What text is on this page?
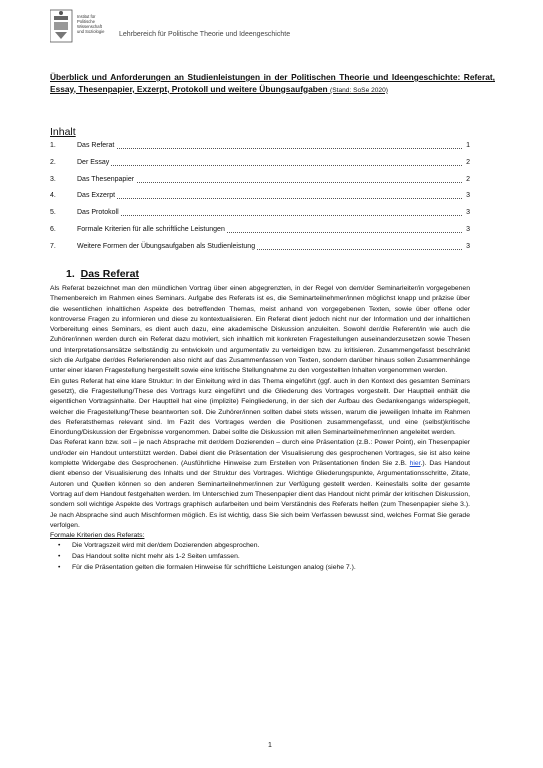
Institut für
Politische
Wissenschaft
und Soziologie Lehrbereich für Politische Theorie und Ideengeschichte
Überblick und Anforderungen an Studienleistungen in der Politischen Theorie und Ideengeschichte: Referat, Essay, Thesenpapier, Exzerpt, Protokoll und weitere Übungsaufgaben (Stand: SoSe 2020)
Inhalt
1.	Das Referat	1
2.	Der Essay	2
3.	Das Thesenpapier	2
4.	Das Exzerpt	3
5.	Das Protokoll	3
6.	Formale Kriterien für alle schriftliche Leistungen	3
7.	Weitere Formen der Übungsaufgaben als Studienleistung	3
1. Das Referat

Als Referat bezeichnet man den mündlichen Vortrag über einen abgegrenzten, in der Regel von dem/der Seminarleiter/in vorgegebenen Themenbereich im Rahmen eines Seminars. Aufgabe des Referats ist es, die Seminarteilnehmer/innen möglichst knapp und präzise über die wesentlichen inhaltlichen Aspekte des betreffenden Themas, meist anhand von vorgegebenen Texten, sowie über offene oder kontroverse Fragen zu informieren und diese zu kontextualisieren. Ein Referat dient jedoch nicht nur der Information und der inhaltlichen Vorbereitung eines Seminars, es dient auch dazu, eine akademische Diskussion anzuleiten. Sowohl der/die Referent/in wie auch die Zuhörer/innen werden durch ein Referat dazu motiviert, sich inhaltlich mit konkreten Fragestellungen auseinanderzusetzen sowie Thesen und Interpretationsansätze selbständig zu entwickeln und argumentativ zu verteidigen bzw. zu kritisieren. Zusammengefasst beschränkt sich die Aufgabe der/des Referierenden also nicht auf das Zusammenfassen von Texten, sondern darüber hinaus sollen Zusammenhänge unter einer klaren Fragestellung hergestellt sowie eine kritische Stellungnahme zu den vorgestellten Inhalten vorgenommen werden.

Ein gutes Referat hat eine klare Struktur: In der Einleitung wird in das Thema eingeführt (ggf. auch in den Kontext des gesamten Seminars gesetzt), die Fragestellung/These des Vortrags kurz eingeführt und die Gliederung des Vortrages vorgestellt. Der Hauptteil enthält die eigentlichen Vortragsinhalte. Der Hauptteil hat eine (implizite) Feingliederung, in der sich der Aufbau des Gedankengangs widerspiegelt, welcher die Fragestellung/These beantworten soll. Die Zuhörer/innen sollten dabei stets wissen, warum die jeweiligen Inhalte im Rahmen des Referatsthemas relevant sind. Im Fazit des Vortrages werden die Positionen zusammengefasst, und eine (selbst)kritische Einordung/Diskussion der Ergebnisse vorgenommen. Dabei sollte die Diskussion mit allen Seminarteilnehmer/innen angeleitet werden.

Das Referat kann bzw. soll – je nach Absprache mit der/dem Dozierenden – durch eine Präsentation (z.B.: Power Point), ein Thesenpapier und/oder ein Handout unterstützt werden. Dabei dient die Präsentation der Visualisierung des gesprochenen Vortrages, sie ist also keine komplette Widergabe des Gesprochenen. (Ausführliche Hinweise zum Erstellen von Präsentationen finden Sie z.B. hier.). Das Handout dient ebenso der Visualisierung des Inhalts und der Struktur des Vortrages. Wichtige Gliederungspunkte, Argumentationsschritte, Zitate, Autoren und Quellen können so den anderen Seminarteilnehmer/innen zur Verfügung gestellt werden. Keinesfalls sollte der gesamte Vortrag auf dem Handout festgehalten werden. Im Unterschied zum Thesenpapier dient das Handout nicht primär der kritischen Diskussion, sondern soll wichtige Aspekte des Vortrags graphisch aufarbeiten und beim Verständnis des Referats helfen (zum Thesenpapier siehe 3.). Je nach Absprache sind auch Mischformen möglich. Es ist wichtig, dass Sie sich beim Verfassen bewusst sind, welches Format Sie gerade verfolgen.

Formale Kriterien des Referats:

• Die Vortragszeit wird mit der/dem Dozierenden abgesprochen.
• Das Handout sollte nicht mehr als 1-2 Seiten umfassen.
• Für die Präsentation gelten die formalen Hinweise für schriftliche Leistungen analog (siehe 7.).
1
